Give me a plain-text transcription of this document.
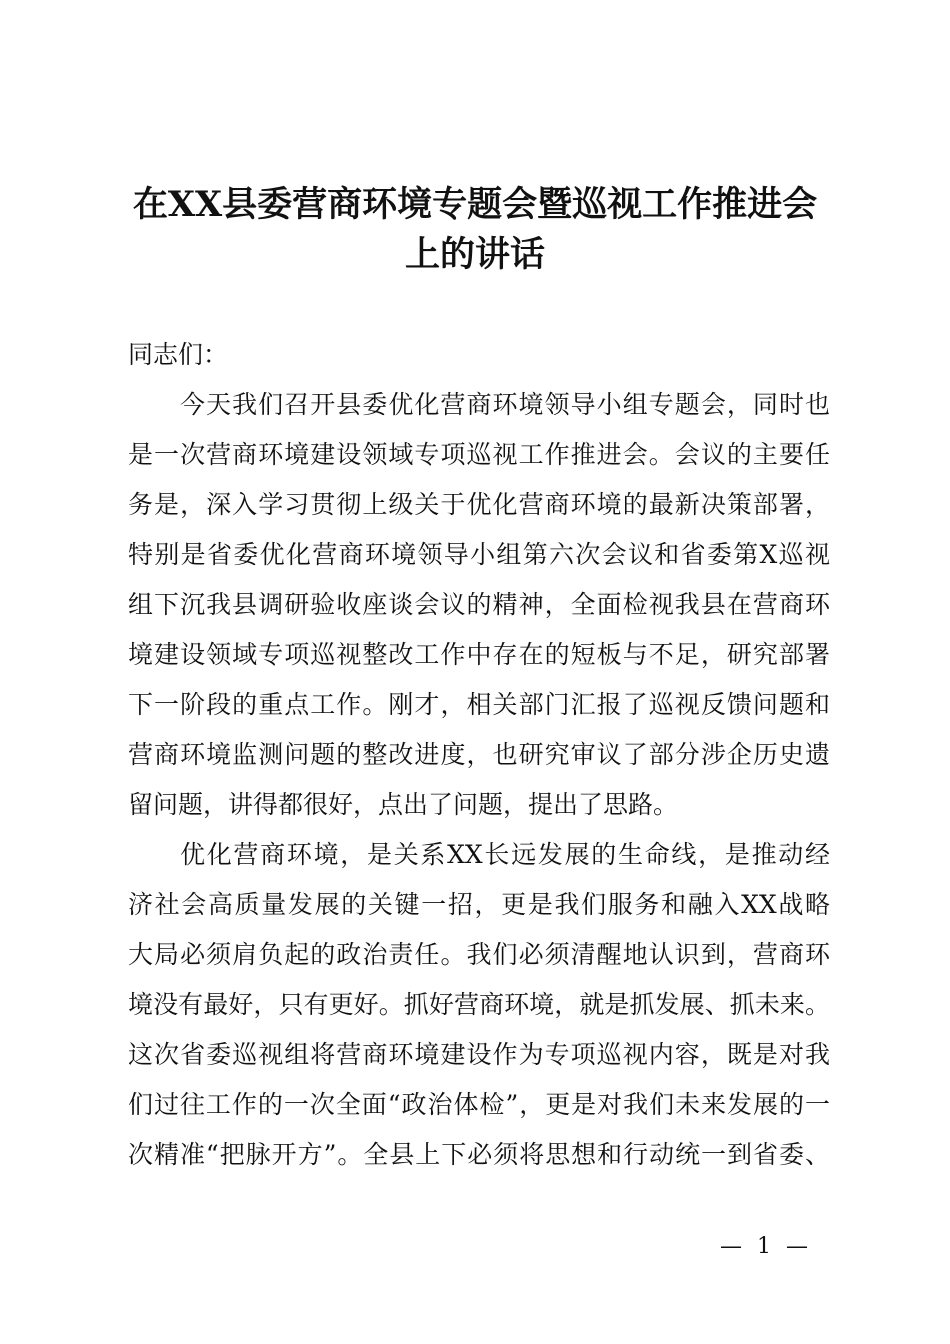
在XX县委营商环境专题会暨巡视工作推进会
上的讲话
同志们：
今天我们召开县委优化营商环境领导小组专题会，同时也
是一次营商环境建设领域专项巡视工作推进会。会议的主要任
务是，深入学习贯彻上级关于优化营商环境的最新决策部署，
特别是省委优化营商环境领导小组第六次会议和省委第X巡视
组下沉我县调研验收座谈会议的精神，全面检视我县在营商环
境建设领域专项巡视整改工作中存在的短板与不足，研究部署
下一阶段的重点工作。刚才，相关部门汇报了巡视反馈问题和
营商环境监测问题的整改进度，也研究审议了部分涉企历史遗
留问题，讲得都很好，点出了问题，提出了思路。
优化营商环境，是关系XX长远发展的生命线，是推动经
济社会高质量发展的关键一招，更是我们服务和融入XX战略
大局必须肩负起的政治责任。我们必须清醒地认识到，营商环
境没有最好，只有更好。抓好营商环境，就是抓发展、抓未来。
这次省委巡视组将营商环境建设作为专项巡视内容，既是对我
们过往工作的一次全面“政治体检”，更是对我们未来发展的一
次精准“把脉开方”。全县上下必须将思想和行动统一到省委、
— 1 —
